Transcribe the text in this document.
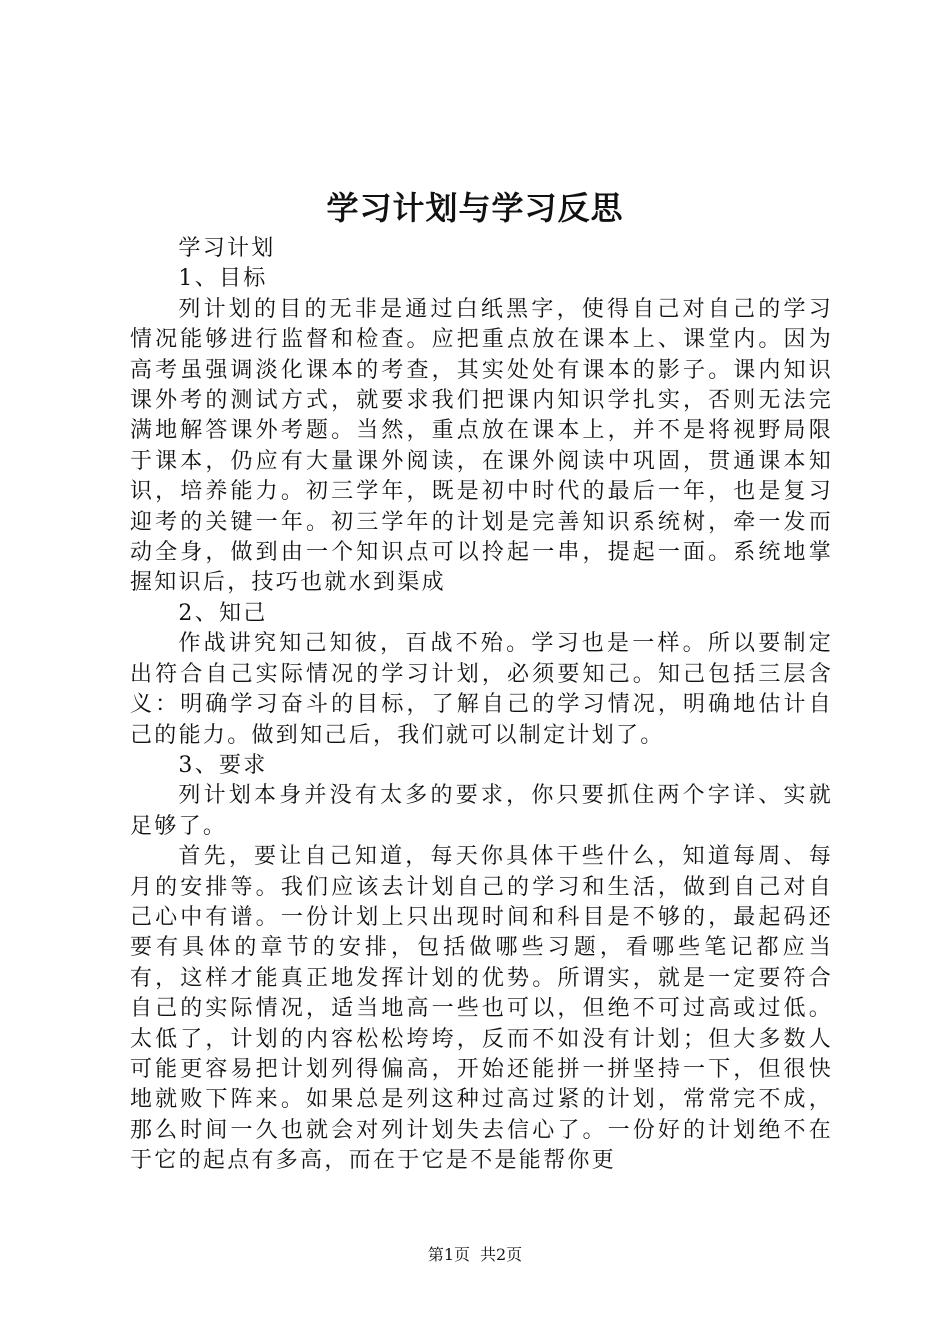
学习计划与学习反思

学习计划

1、目标

列计划的目的无非是通过白纸黑字，使得自己对自己的学习情况能够进行监督和检查。应把重点放在课本上、课堂内。因为高考虽强调淡化课本的考查，其实处处有课本的影子。课内知识课外考的测试方式，就要求我们把课内知识学扎实，否则无法完满地解答课外考题。当然，重点放在课本上，并不是将视野局限于课本，仍应有大量课外阅读，在课外阅读中巩固，贯通课本知识，培养能力。初三学年，既是初中时代的最后一年，也是复习迎考的关键一年。初三学年的计划是完善知识系统树，牵一发而动全身，做到由一个知识点可以拎起一串，提起一面。系统地掌握知识后，技巧也就水到渠成

2、知己

作战讲究知己知彼，百战不殆。学习也是一样。所以要制定出符合自己实际情况的学习计划，必须要知己。知己包括三层含义：明确学习奋斗的目标，了解自己的学习情况，明确地估计自己的能力。做到知己后，我们就可以制定计划了。

3、要求

列计划本身并没有太多的要求，你只要抓住两个字详、实就足够了。

首先，要让自己知道，每天你具体干些什么，知道每周、每月的安排等。我们应该去计划自己的学习和生活，做到自己对自己心中有谱。一份计划上只出现时间和科目是不够的，最起码还要有具体的章节的安排，包括做哪些习题，看哪些笔记都应当有，这样才能真正地发挥计划的优势。所谓实，就是一定要符合自己的实际情况，适当地高一些也可以，但绝不可过高或过低。太低了，计划的内容松松垮垮，反而不如没有计划；但大多数人可能更容易把计划列得偏高，开始还能拼一拼坚持一下，但很快地就败下阵来。如果总是列这种过高过紧的计划，常常完不成，那么时间一久也就会对列计划失去信心了。一份好的计划绝不在于它的起点有多高，而在于它是不是能帮你更

第1页 共2页
